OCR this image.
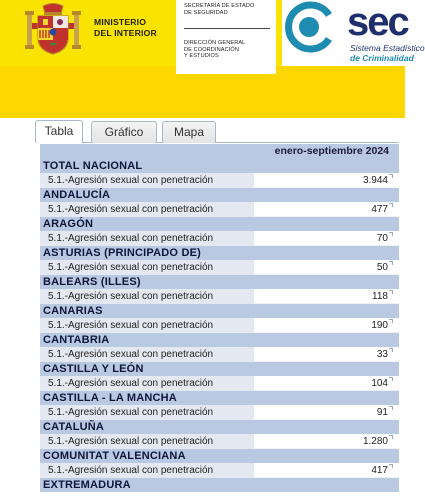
MINISTERIO
DEL INTERIOR
SECRETARÍA DE ESTADO
DE SEGURIDAD
DIRECCIÓN GENERAL
DE COORDINACIÓN
Y ESTUDIOS
sec
Sistema Estadístico
de Criminalidad
Tabla	Gráfico	Mapa
enero-septiembre 2024
TOTAL NACIONAL
5.1.-Agresión sexual con penetración	3.944
ANDALUCÍA
5.1.-Agresión sexual con penetración	477
ARAGÓN
5.1.-Agresión sexual con penetración	70
ASTURIAS (PRINCIPADO DE)
5.1.-Agresión sexual con penetración	50
BALEARS (ILLES)
5.1.-Agresión sexual con penetración	118
CANARIAS
5.1.-Agresión sexual con penetración	190
CANTABRIA
5.1.-Agresión sexual con penetración	33
CASTILLA Y LEÓN
5.1.-Agresión sexual con penetración	104
CASTILLA - LA MANCHA
5.1.-Agresión sexual con penetración	91
CATALUÑA
5.1.-Agresión sexual con penetración	1.280
COMUNITAT VALENCIANA
5.1.-Agresión sexual con penetración	417
EXTREMADURA
